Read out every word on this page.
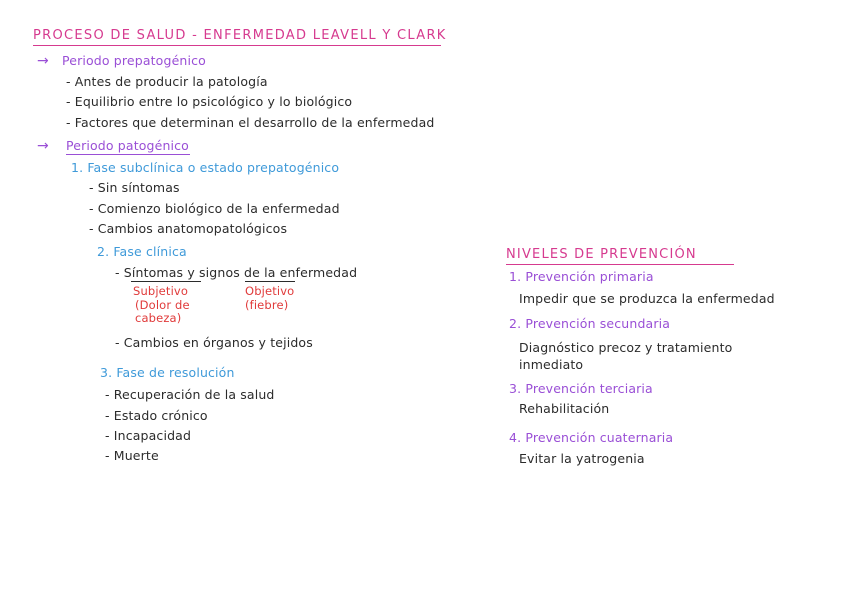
PROCESO DE SALUD - ENFERMEDAD LEAVELL Y CLARK
→ Periodo prepatogénico
- Antes de producir la patología
- Equilibrio entre lo psicológico y lo biológico
- Factores que determinan el desarrollo de la enfermedad
→ Periodo patogénico
1. Fase subclínica o estado prepatogénico
- Sin síntomas
- Comienzo biológico de la enfermedad
- Cambios anatomopatológicos
2. Fase clínica
- Síntomas y signos de la enfermedad
Subjetivo
(Dolor de cabeza)
Objetivo
(fiebre)
- Cambios en órganos y tejidos
3. Fase de resolución
- Recuperación de la salud
- Estado crónico
- Incapacidad
- Muerte
NIVELES DE PREVENCIÓN
1. Prevención primaria
Impedir que se produzca la enfermedad
2. Prevención secundaria
Diagnóstico precoz y tratamiento inmediato
3. Prevención terciaria
Rehabilitación
4. Prevención cuaternaria
Evitar la yatrogenia
